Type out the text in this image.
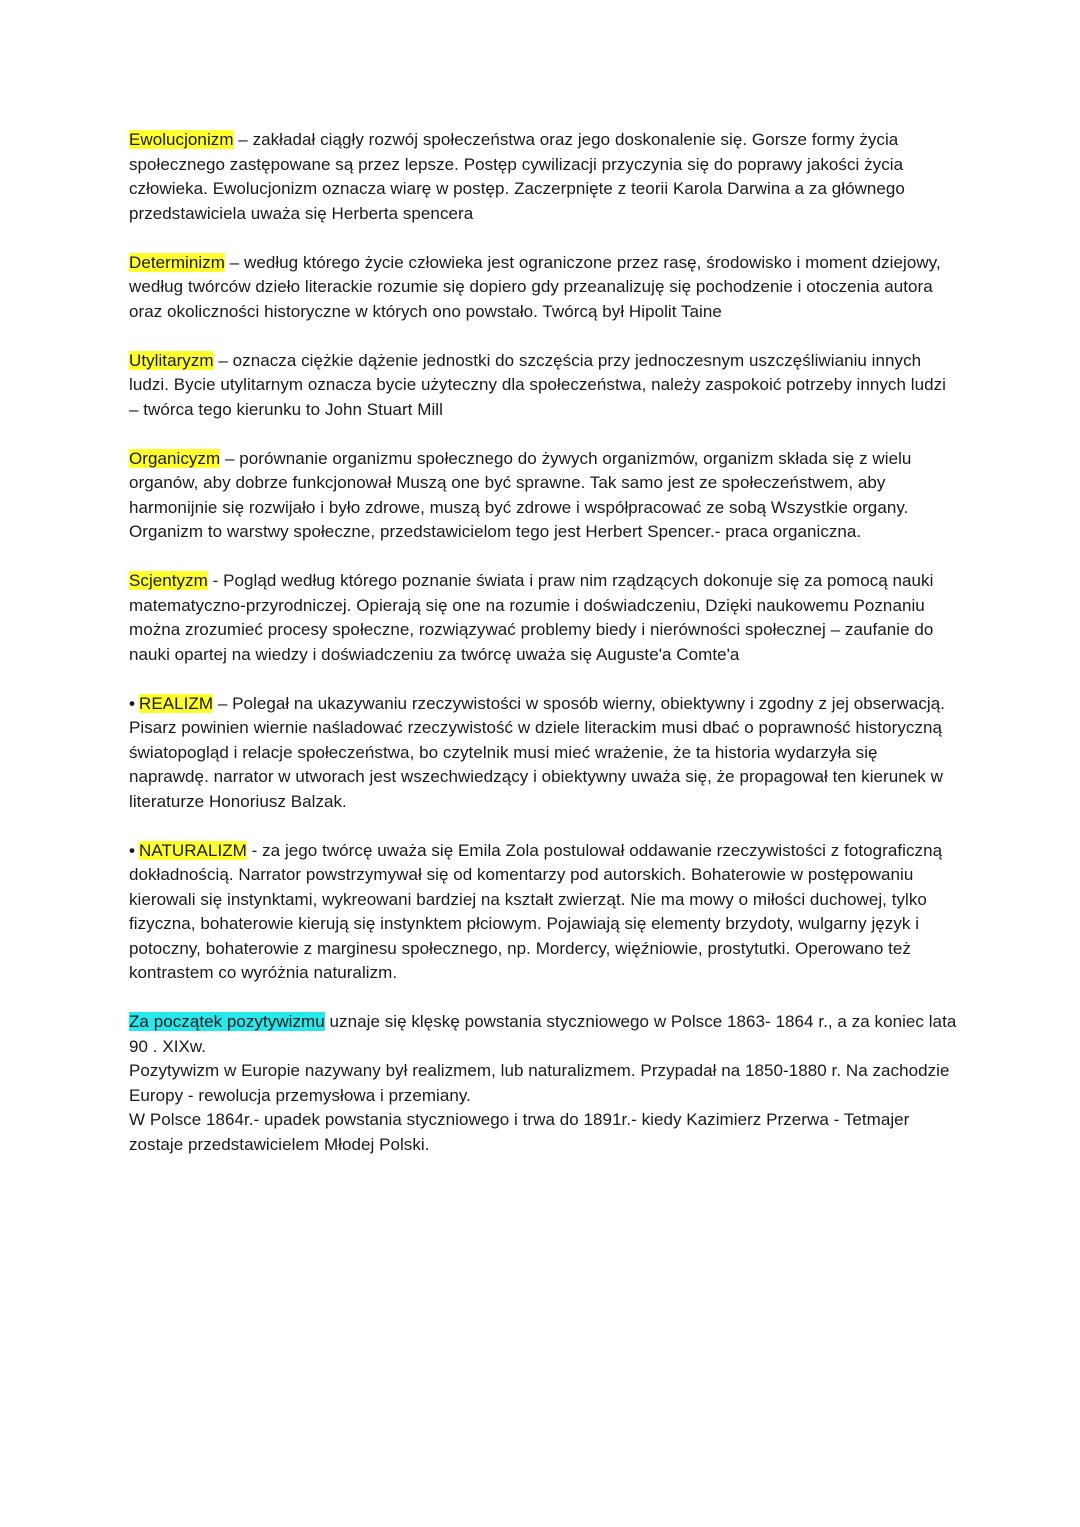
Ewolucjonizm – zakładał ciągły rozwój społeczeństwa oraz jego doskonalenie się. Gorsze formy życia społecznego zastępowane są przez lepsze. Postęp cywilizacji przyczynia się do poprawy jakości życia człowieka. Ewolucjonizm oznacza wiarę w postęp. Zaczerpnięte z teorii Karola Darwina a za głównego przedstawiciela uważa się Herberta spencera

Determinizm – według którego życie człowieka jest ograniczone przez rasę, środowisko i moment dziejowy, według twórców dzieło literackie rozumie się dopiero gdy przeanalizuję się pochodzenie i otoczenia autora oraz okoliczności historyczne w których ono powstało. Twórcą był Hipolit Taine

Utylitaryzm – oznacza ciężkie dążenie jednostki do szczęścia przy jednoczesnym uszczęśliwianiu innych ludzi. Bycie utylitarnym oznacza bycie użyteczny dla społeczeństwa, należy zaspokoić potrzeby innych ludzi – twórca tego kierunku to John Stuart Mill

Organicyzm – porównanie organizmu społecznego do żywych organizmów, organizm składa się z wielu organów, aby dobrze funkcjonował Muszą one być sprawne. Tak samo jest ze społeczeństwem, aby harmonijnie się rozwijało i było zdrowe, muszą być zdrowe i współpracować ze sobą Wszystkie organy. Organizm to warstwy społeczne, przedstawicielom tego jest Herbert Spencer.- praca organiczna.

Scjentyzm - Pogląd według którego poznanie świata i praw nim rządzących dokonuje się za pomocą nauki matematyczno-przyrodniczej. Opierają się one na rozumie i doświadczeniu, Dzięki naukowemu Poznaniu można zrozumieć procesy społeczne, rozwiązywać problemy biedy i nierówności społecznej – zaufanie do nauki opartej na wiedzy i doświadczeniu za twórcę uważa się Auguste'a Comte'a

• REALIZM – Polegał na ukazywaniu rzeczywistości w sposób wierny, obiektywny i zgodny z jej obserwacją. Pisarz powinien wiernie naśladować rzeczywistość w dziele literackim musi dbać o poprawność historyczną światopogląd i relacje społeczeństwa, bo czytelnik musi mieć wrażenie, że ta historia wydarzyła się naprawdę. narrator w utworach jest wszechwiedzący i obiektywny uważa się, że propagował ten kierunek w literaturze Honoriusz Balzak.

• NATURALIZM - za jego twórcę uważa się Emila Zola postulował oddawanie rzeczywistości z fotograficzną dokładnością. Narrator powstrzymywał się od komentarzy pod autorskich. Bohaterowie w postępowaniu kierowali się instynktami, wykreowani bardziej na kształt zwierząt. Nie ma mowy o miłości duchowej, tylko fizyczna, bohaterowie kierują się instynktem płciowym. Pojawiają się elementy brzydoty, wulgarny język i potoczny, bohaterowie z marginesu społecznego, np. Mordercy, więźniowie, prostytutki. Operowano też kontrastem co wyróżnia naturalizm.

Za początek pozytywizmu uznaje się klęskę powstania styczniowego w Polsce 1863- 1864 r., a za koniec lata 90 . XIXw.
Pozytywizm w Europie nazywany był realizmem, lub naturalizmem. Przypadał na 1850-1880 r. Na zachodzie Europy - rewolucja przemysłowa i przemiany.
W Polsce 1864r.- upadek powstania styczniowego i trwa do 1891r.- kiedy Kazimierz Przerwa - Tetmajer zostaje przedstawicielem Młodej Polski.
